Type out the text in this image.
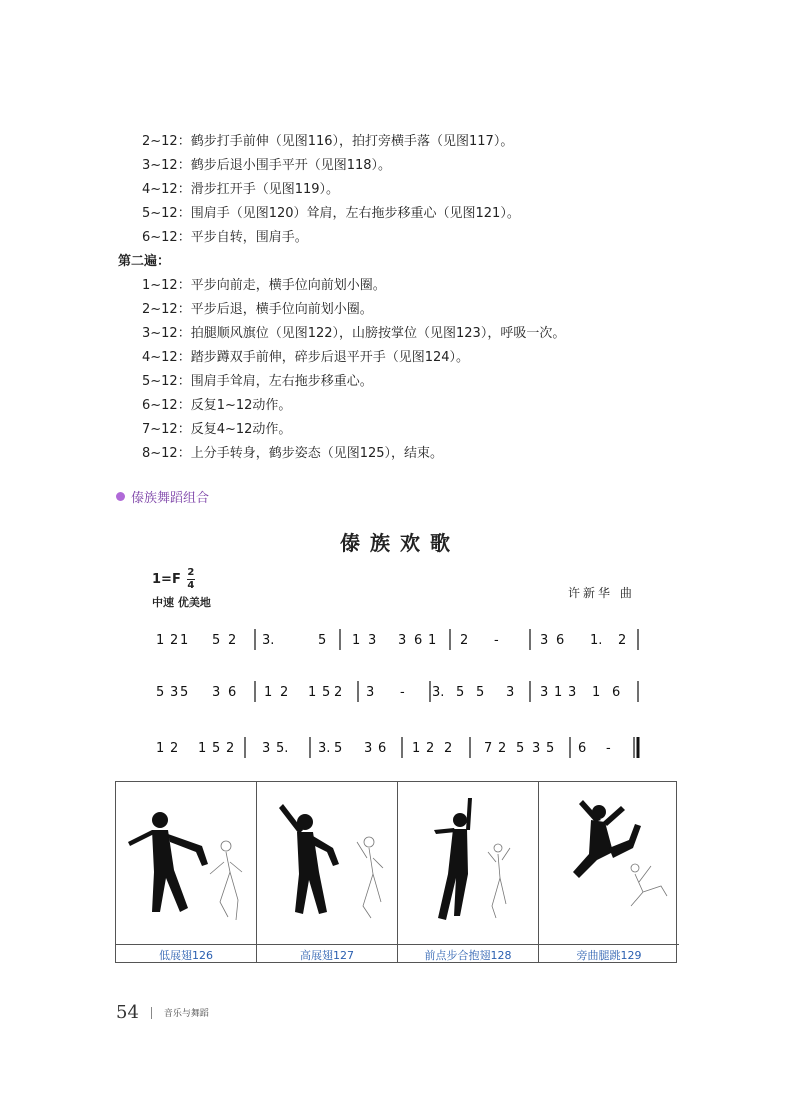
2~12：鹤步打手前伸（见图116），拍打旁横手落（见图117）。
3~12：鹤步后退小围手平开（见图118）。
4~12：滑步扛开手（见图119）。
5~12：围肩手（见图120）耸肩，左右拖步移重心（见图121）。
6~12：平步自转，围肩手。
第二遍：
1~12：平步向前走，横手位向前划小圈。
2~12：平步后退，横手位向前划小圈。
3~12：拍腿顺风旗位（见图122），山膀按掌位（见图123），呼吸一次。
4~12：踏步蹲双手前伸，碎步后退平开手（见图124）。
5~12：围肩手耸肩，左右拖步移重心。
6~12：反复1~12动作。
7~12：反复4~12动作。
8~12：上分手转身，鹤步姿态（见图125），结束。
傣族舞蹈组合
傣族欢歌
$1=F \frac{2}{4}$
中速 优美地
许新华 曲
1 2 1 5 2 3.	5 1 3 3 6 1 2 -	3 6 1. 2
5 3 5 3 6 1 2 1 5 2 3 - 3. 5 5 3 3 1 3 1 6
1 2 1 5 2 3 5. 3. 5 3 6 1 2 2 7 2 5 3 5 6 -
低展翅126	高展翅127	前点步合抱翅128	旁曲腿跳129
54	音乐与舞蹈
